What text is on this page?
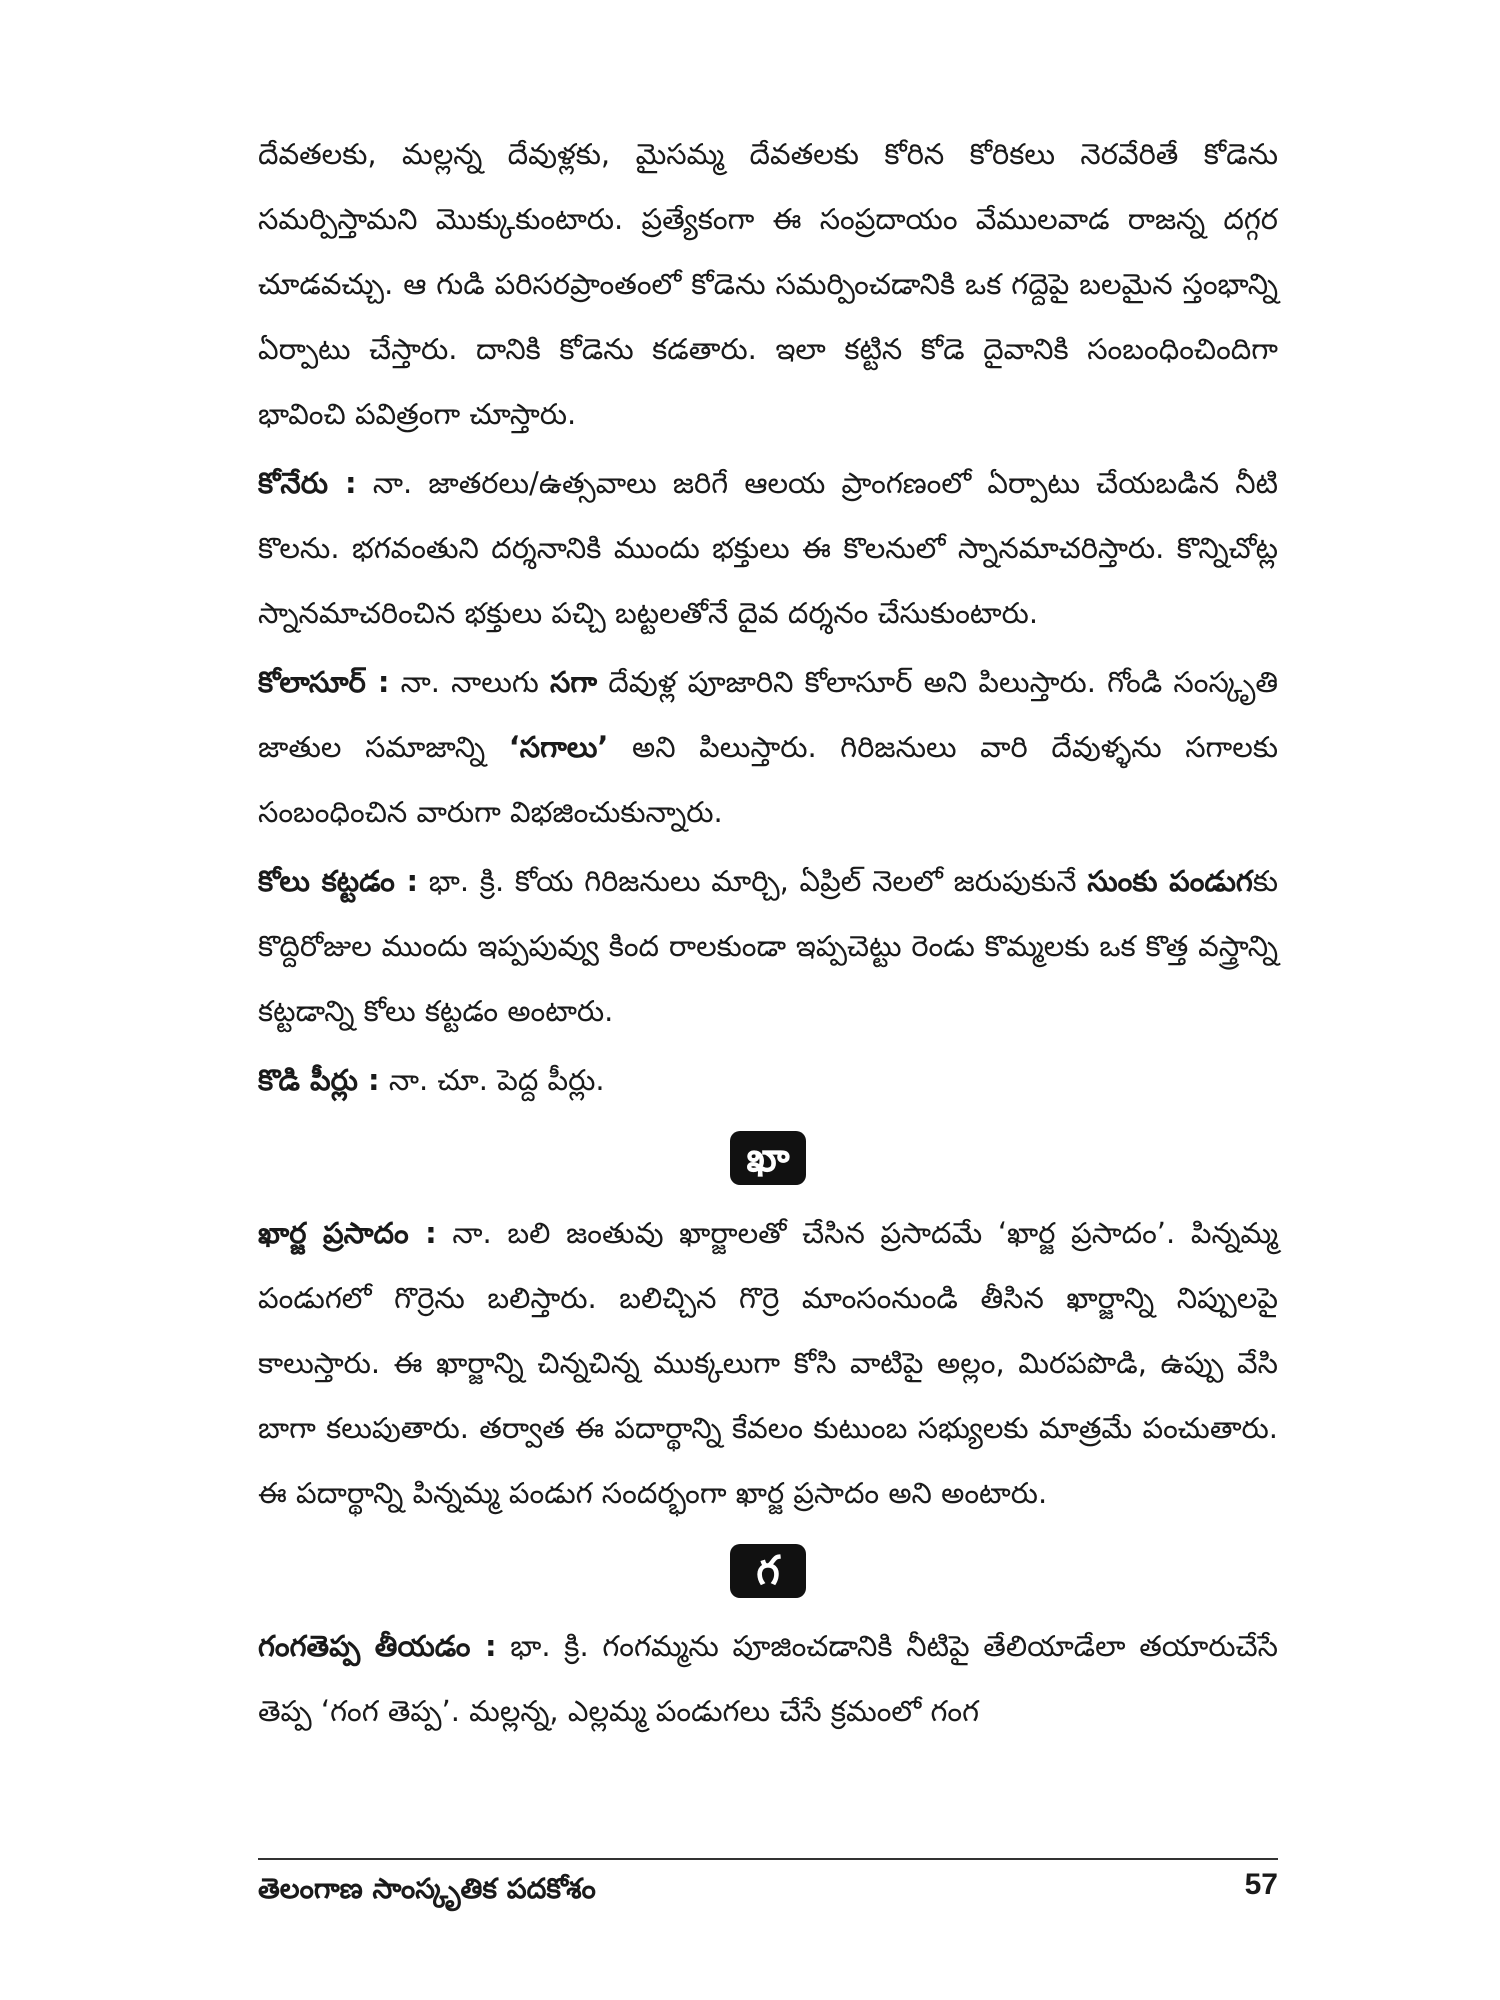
దేవతలకు, మల్లన్న దేవుళ్లకు, మైసమ్మ దేవతలకు కోరిన కోరికలు నెరవేరితే కోడెను సమర్పిస్తామని మొక్కుకుంటారు. ప్రత్యేకంగా ఈ సంప్రదాయం వేములవాడ రాజన్న దగ్గర చూడవచ్చు. ఆ గుడి పరిసరప్రాంతంలో కోడెను సమర్పించడానికి ఒక గద్దెపై బలమైన స్తంభాన్ని ఏర్పాటు చేస్తారు. దానికి కోడెను కడతారు. ఇలా కట్టిన కోడె దైవానికి సంబంధించిందిగా భావించి పవిత్రంగా చూస్తారు.

కోనేరు : నా. జాతరలు/ఉత్సవాలు జరిగే ఆలయ ప్రాంగణంలో ఏర్పాటు చేయబడిన నీటి కొలను. భగవంతుని దర్శనానికి ముందు భక్తులు ఈ కొలనులో స్నానమాచరిస్తారు. కొన్నిచోట్ల స్నానమాచరించిన భక్తులు పచ్చి బట్టలతోనే దైవ దర్శనం చేసుకుంటారు.

కోలాసూర్ : నా. నాలుగు సగా దేవుళ్ల పూజారిని కోలాసూర్ అని పిలుస్తారు. గోండి సంస్కృతి జాతుల సమాజాన్ని ‘సగాలు’ అని పిలుస్తారు. గిరిజనులు వారి దేవుళ్ళను సగాలకు సంబంధించిన వారుగా విభజించుకున్నారు.

కోలు కట్టడం : భా. క్రి. కోయ గిరిజనులు మార్చి, ఏప్రిల్ నెలలో జరుపుకునే సుంకు పండుగకు కొద్దిరోజుల ముందు ఇప్పపువ్వు కింద రాలకుండా ఇప్పచెట్టు రెండు కొమ్మలకు ఒక కొత్త వస్త్రాన్ని కట్టడాన్ని కోలు కట్టడం అంటారు.

కొడి పీర్లు : నా. చూ. పెద్ద పీర్లు.

ఖా

ఖార్జ ప్రసాదం : నా. బలి జంతువు ఖార్జాలతో చేసిన ప్రసాదమే ‘ఖార్జ ప్రసాదం’. పిన్నమ్మ పండుగలో గొర్రెను బలిస్తారు. బలిచ్చిన గొర్రె మాంసంనుండి తీసిన ఖార్జాన్ని నిప్పులపై కాలుస్తారు. ఈ ఖార్జాన్ని చిన్నచిన్న ముక్కలుగా కోసి వాటిపై అల్లం, మిరపపొడి, ఉప్పు వేసి బాగా కలుపుతారు. తర్వాత ఈ పదార్థాన్ని కేవలం కుటుంబ సభ్యులకు మాత్రమే పంచుతారు. ఈ పదార్థాన్ని పిన్నమ్మ పండుగ సందర్భంగా ఖార్జ ప్రసాదం అని అంటారు.

గ

గంగతెప్ప తీయడం : భా. క్రి. గంగమ్మను పూజించడానికి నీటిపై తేలియాడేలా తయారుచేసే తెప్ప ‘గంగ తెప్ప’. మల్లన్న, ఎల్లమ్మ పండుగలు చేసే క్రమంలో గంగ

తెలంగాణ సాంస్కృతిక పదకోశం	57
